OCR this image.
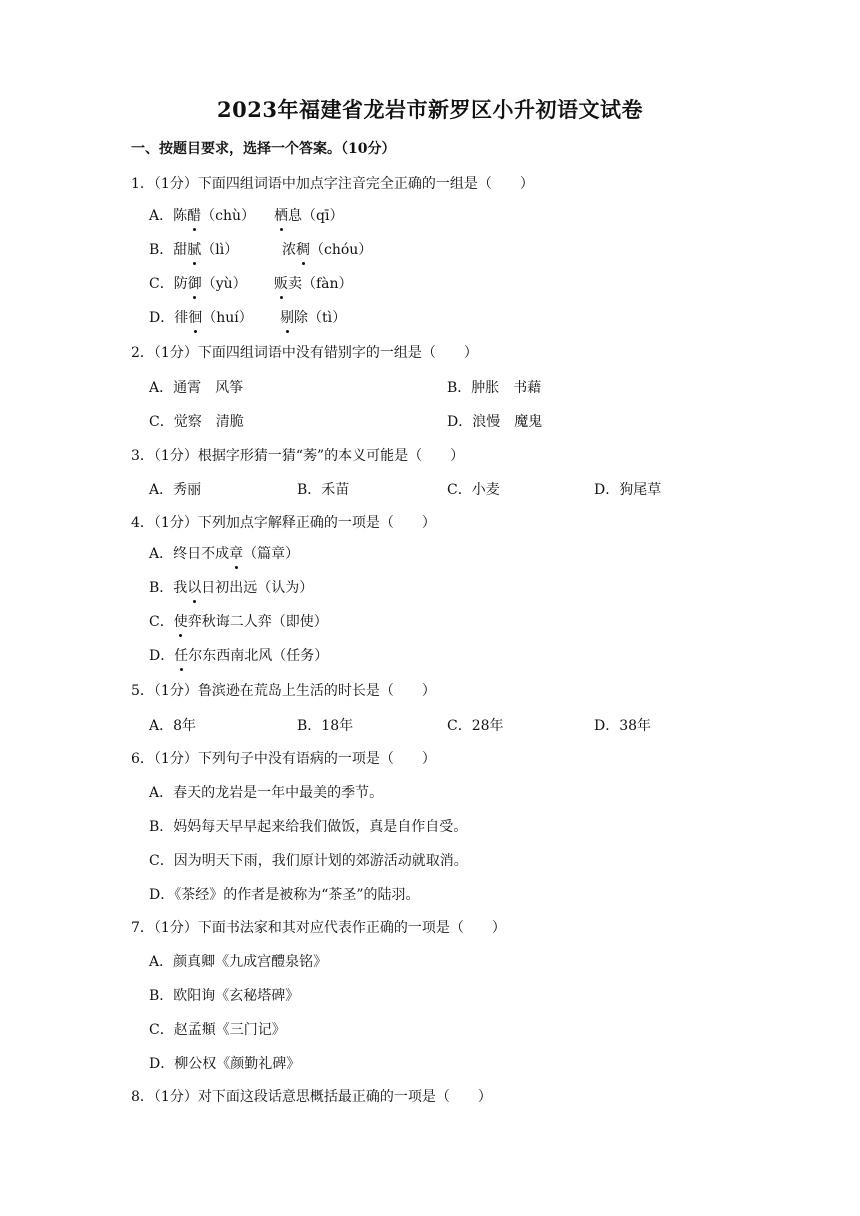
2023年福建省龙岩市新罗区小升初语文试卷
一、按题目要求，选择一个答案。（10分）
1．（1分）下面四组词语中加点字注音完全正确的一组是（　　）
A．陈醋（chù） 栖息（qī）
B．甜腻（lì）	浓稠（chóu）
C．防御（yù） 贩卖（fàn）
D．徘徊（huí） 剔除（tì）
2．（1分）下面四组词语中没有错别字的一组是（　　）
A．通霄　风筝	B．肿胀　书藉
C．觉察　清脆	D．浪慢　魔鬼
3．（1分）根据字形猜一猜“莠”的本义可能是（　　）
A．秀丽	B．禾苗	C．小麦	D．狗尾草
4．（1分）下列加点字解释正确的一项是（　　）
A．终日不成章（篇章）
B．我以日初出远（认为）
C．使弈秋诲二人弈（即使）
D．任尔东西南北风（任务）
5．（1分）鲁滨逊在荒岛上生活的时长是（　　）
A．8年	B．18年	C．28年	D．38年
6．（1分）下列句子中没有语病的一项是（　　）
A．春天的龙岩是一年中最美的季节。
B．妈妈每天早早起来给我们做饭，真是自作自受。
C．因为明天下雨，我们原计划的郊游活动就取消。
D．《茶经》的作者是被称为“茶圣”的陆羽。
7．（1分）下面书法家和其对应代表作正确的一项是（　　）
A．颜真卿《九成宫醴泉铭》
B．欧阳询《玄秘塔碑》
C．赵孟頫《三门记》
D．柳公权《颜勤礼碑》
8．（1分）对下面这段话意思概括最正确的一项是（　　）
